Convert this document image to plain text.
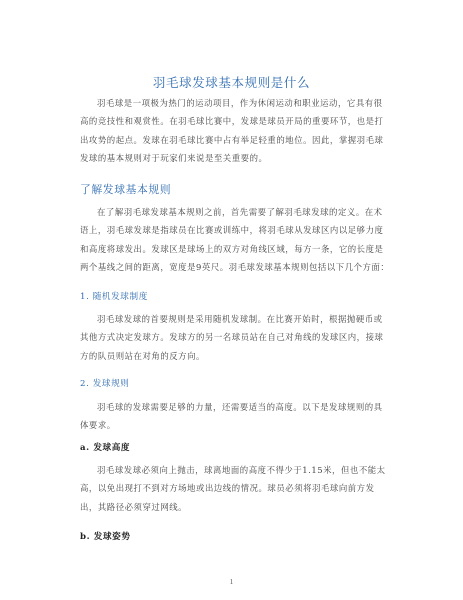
羽毛球发球基本规则是什么

羽毛球是一项极为热门的运动项目，作为休闲运动和职业运动，它具有很高的竞技性和观赏性。在羽毛球比赛中，发球是球员开局的重要环节，也是打出攻势的起点。发球在羽毛球比赛中占有举足轻重的地位。因此，掌握羽毛球发球的基本规则对于玩家们来说是至关重要的。

了解发球基本规则

在了解羽毛球发球基本规则之前，首先需要了解羽毛球发球的定义。在术语上，羽毛球发球是指球员在比赛或训练中，将羽毛球从发球区内以足够力度和高度将球发出。发球区是球场上的双方对角线区域，每方一条，它的长度是两个基线之间的距离，宽度是9英尺。羽毛球发球基本规则包括以下几个方面：

1. 随机发球制度

羽毛球发球的首要规则是采用随机发球制。在比赛开始时，根据抛硬币或其他方式决定发球方。发球方的另一名球员站在自己对角线的发球区内，接球方的队员则站在对角的反方向。

2. 发球规则

羽毛球的发球需要足够的力量，还需要适当的高度。以下是发球规则的具体要求。

a. 发球高度

羽毛球发球必须向上抛击，球离地面的高度不得少于1.15米，但也不能太高，以免出现打不到对方场地或出边线的情况。球员必须将羽毛球向前方发出，其路径必须穿过网线。

b. 发球姿势
1
